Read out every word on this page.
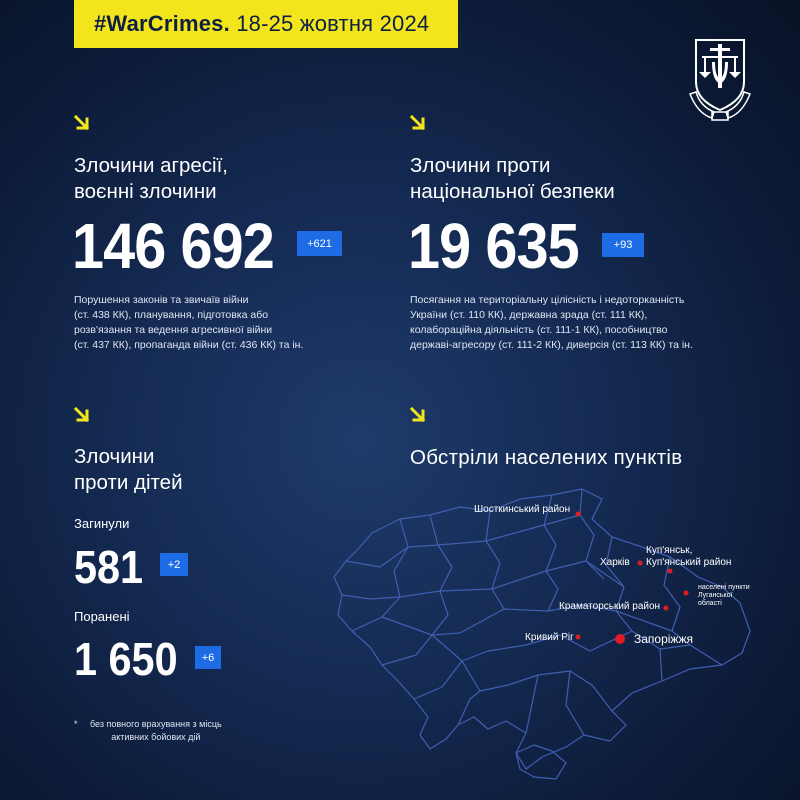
#WarCrimes. 18-25 жовтня 2024
Злочини агресії,
воєнні злочини
146 692	+621
Порушення законів та звичаїв війни
(ст. 438 КК), планування, підготовка або
розв'язання та ведення агресивної війни
(ст. 437 КК), пропаганда війни (ст. 436 КК) та ін.
Злочини проти
національної безпеки
19 635	+93
Посягання на територіальну цілісність і недоторканність
України (ст. 110 КК), державна зрада (ст. 111 КК),
колабораційна діяльність (ст. 111-1 КК), пособництво
державі-агресору (ст. 111-2 КК), диверсія (ст. 113 КК) та ін.
Злочини
проти дітей
Загинули
581	+2
Поранені
1 650	+6
* без повного врахування з місць
активних бойових дій
Обстріли населених пунктів
Шосткинський район
Харків
Куп'янськ,
Куп'янський район
населені пункти
Луганської
області
Краматорський район
Кривий Ріг	Запоріжжя
